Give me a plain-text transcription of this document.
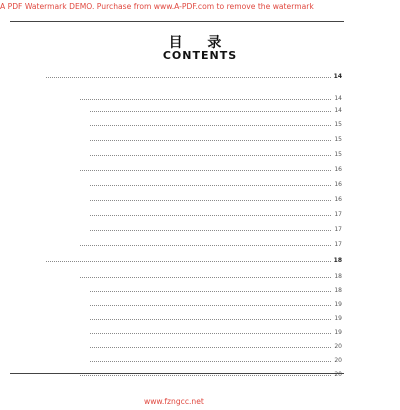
A PDF Watermark DEMO. Purchase from www.A-PDF.com to remove the watermark
目 录
CONTENTS
14
14
14
15
15
15
16
16
16
17
17
17
18
18
18
19
19
19
20
20
20
www.fzngcc.net
